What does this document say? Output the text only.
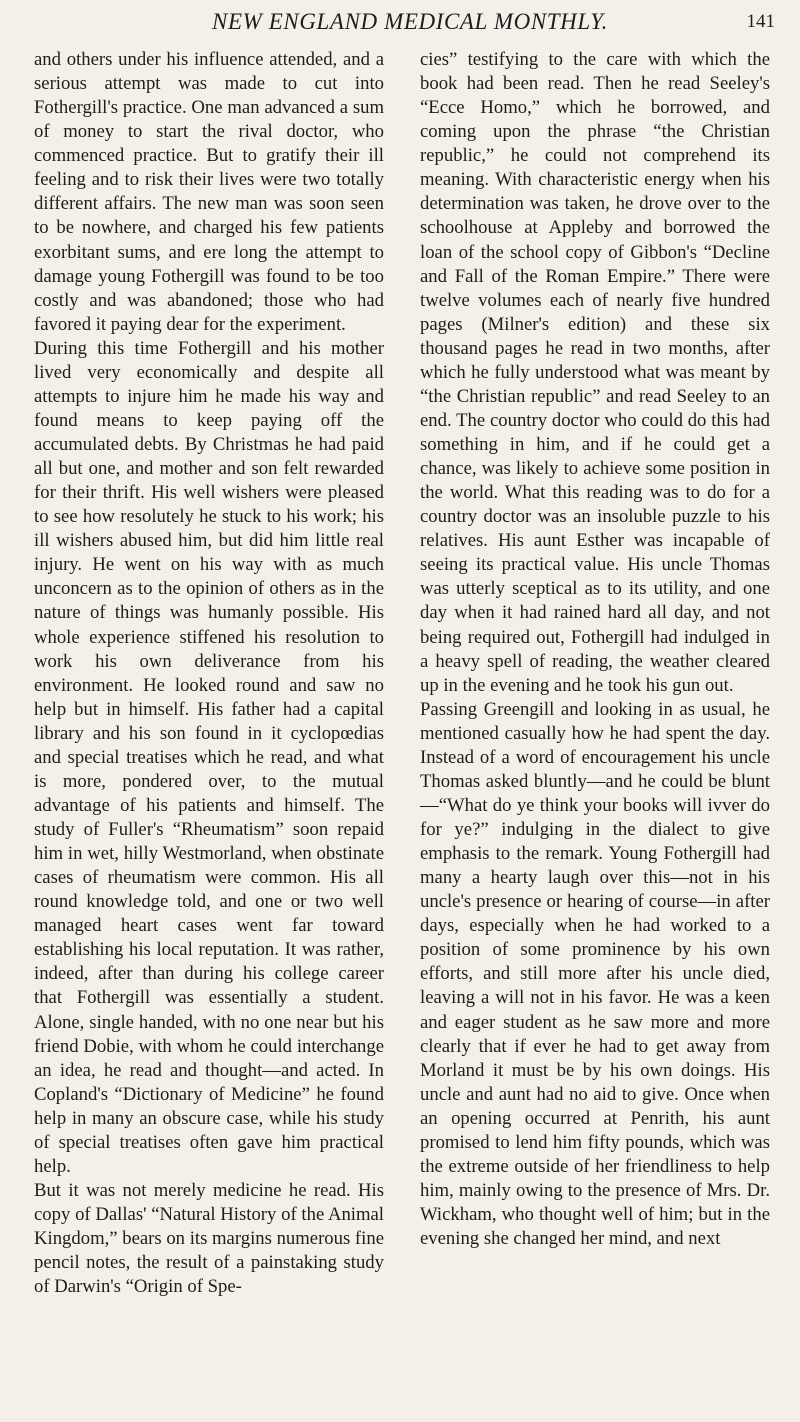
NEW ENGLAND MEDICAL MONTHLY.	141

and others under his influence attended, and a serious attempt was made to cut into Fothergill's practice. One man advanced a sum of money to start the rival doctor, who commenced practice. But to gratify their ill feeling and to risk their lives were two totally different affairs. The new man was soon seen to be nowhere, and charged his few patients exorbitant sums, and ere long the attempt to damage young Fothergill was found to be too costly and was abandoned; those who had favored it paying dear for the experiment.

During this time Fothergill and his mother lived very economically and despite all attempts to injure him he made his way and found means to keep paying off the accumulated debts. By Christmas he had paid all but one, and mother and son felt rewarded for their thrift. His well wishers were pleased to see how resolutely he stuck to his work; his ill wishers abused him, but did him little real injury. He went on his way with as much unconcern as to the opinion of others as in the nature of things was humanly possible. His whole experience stiffened his resolution to work his own deliverance from his environment. He looked round and saw no help but in himself. His father had a capital library and his son found in it cyclopœdias and special treatises which he read, and what is more, pondered over, to the mutual advantage of his patients and himself. The study of Fuller's “Rheumatism” soon repaid him in wet, hilly Westmorland, when obstinate cases of rheumatism were common. His all round knowledge told, and one or two well managed heart cases went far toward establishing his local reputation. It was rather, indeed, after than during his college career that Fothergill was essentially a student. Alone, single handed, with no one near but his friend Dobie, with whom he could interchange an idea, he read and thought—and acted. In Copland's “Dictionary of Medicine” he found help in many an obscure case, while his study of special treatises often gave him practical help.

But it was not merely medicine he read. His copy of Dallas' “Natural History of the Animal Kingdom,” bears on its margins numerous fine pencil notes, the result of a painstaking study of Darwin's “Origin of Spe-

cies” testifying to the care with which the book had been read. Then he read Seeley's “Ecce Homo,” which he borrowed, and coming upon the phrase “the Christian republic,” he could not comprehend its meaning. With characteristic energy when his determination was taken, he drove over to the schoolhouse at Appleby and borrowed the loan of the school copy of Gibbon's “Decline and Fall of the Roman Empire.” There were twelve volumes each of nearly five hundred pages (Milner's edition) and these six thousand pages he read in two months, after which he fully understood what was meant by “the Christian republic” and read Seeley to an end. The country doctor who could do this had something in him, and if he could get a chance, was likely to achieve some position in the world. What this reading was to do for a country doctor was an insoluble puzzle to his relatives. His aunt Esther was incapable of seeing its practical value. His uncle Thomas was utterly sceptical as to its utility, and one day when it had rained hard all day, and not being required out, Fothergill had indulged in a heavy spell of reading, the weather cleared up in the evening and he took his gun out.

Passing Greengill and looking in as usual, he mentioned casually how he had spent the day. Instead of a word of encouragement his uncle Thomas asked bluntly—and he could be blunt—“What do ye think your books will ivver do for ye?” indulging in the dialect to give emphasis to the remark. Young Fothergill had many a hearty laugh over this—not in his uncle's presence or hearing of course—in after days, especially when he had worked to a position of some prominence by his own efforts, and still more after his uncle died, leaving a will not in his favor. He was a keen and eager student as he saw more and more clearly that if ever he had to get away from Morland it must be by his own doings. His uncle and aunt had no aid to give. Once when an opening occurred at Penrith, his aunt promised to lend him fifty pounds, which was the extreme outside of her friendliness to help him, mainly owing to the presence of Mrs. Dr. Wickham, who thought well of him; but in the evening she changed her mind, and next
